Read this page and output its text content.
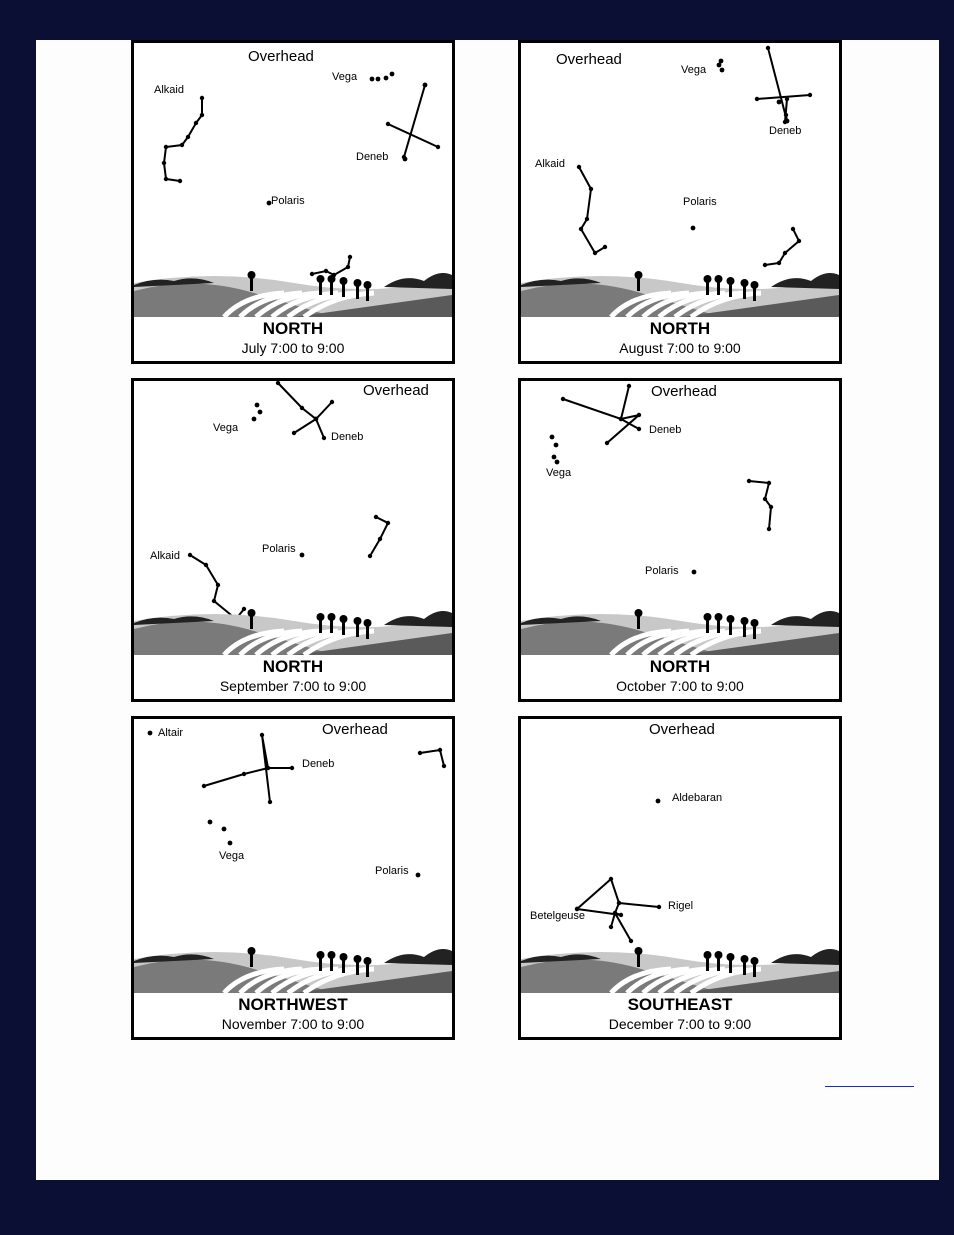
Overhead
Alkaid
Vega
Deneb
Polaris
NORTH
July 7:00 to 9:00
Overhead
Vega
Deneb
Alkaid
Polaris
NORTH
August 7:00 to 9:00
Overhead
Vega
Deneb
Polaris
Alkaid
NORTH
September 7:00 to 9:00
Overhead
Deneb
Vega
Polaris
NORTH
October 7:00 to 9:00
Overhead
Altair
Deneb
Vega
Polaris
NORTHWEST
November 7:00 to 9:00
Overhead
Aldebaran
Betelgeuse
Rigel
SOUTHEAST
December 7:00 to 9:00
